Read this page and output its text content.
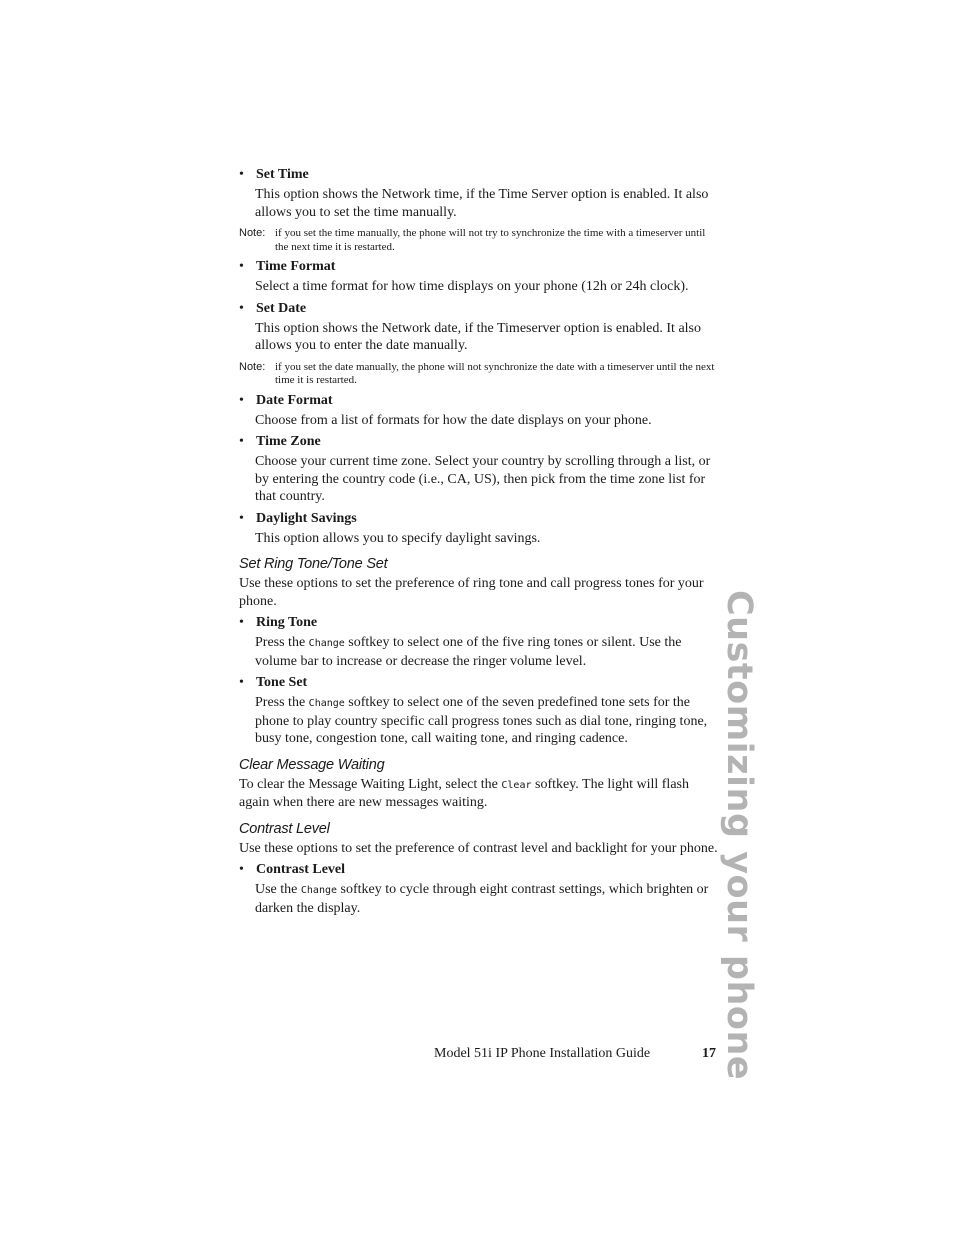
• Set Time
This option shows the Network time, if the Time Server option is enabled. It also allows you to set the time manually.
Note: if you set the time manually, the phone will not try to synchronize the time with a timeserver until the next time it is restarted.
• Time Format
Select a time format for how time displays on your phone (12h or 24h clock).
• Set Date
This option shows the Network date, if the Timeserver option is enabled. It also allows you to enter the date manually.
Note: if you set the date manually, the phone will not synchronize the date with a timeserver until the next time it is restarted.
• Date Format
Choose from a list of formats for how the date displays on your phone.
• Time Zone
Choose your current time zone. Select your country by scrolling through a list, or by entering the country code (i.e., CA, US), then pick from the time zone list for that country.
• Daylight Savings
This option allows you to specify daylight savings.
Set Ring Tone/Tone Set
Use these options to set the preference of ring tone and call progress tones for your phone.
• Ring Tone
Press the Change softkey to select one of the five ring tones or silent. Use the volume bar to increase or decrease the ringer volume level.
• Tone Set
Press the Change softkey to select one of the seven predefined tone sets for the phone to play country specific call progress tones such as dial tone, ringing tone, busy tone, congestion tone, call waiting tone, and ringing cadence.
Clear Message Waiting
To clear the Message Waiting Light, select the Clear softkey. The light will flash again when there are new messages waiting.
Contrast Level
Use these options to set the preference of contrast level and backlight for your phone.
• Contrast Level
Use the Change softkey to cycle through eight contrast settings, which brighten or darken the display.	Customizing your phone
Model 51i IP Phone Installation Guide	17
